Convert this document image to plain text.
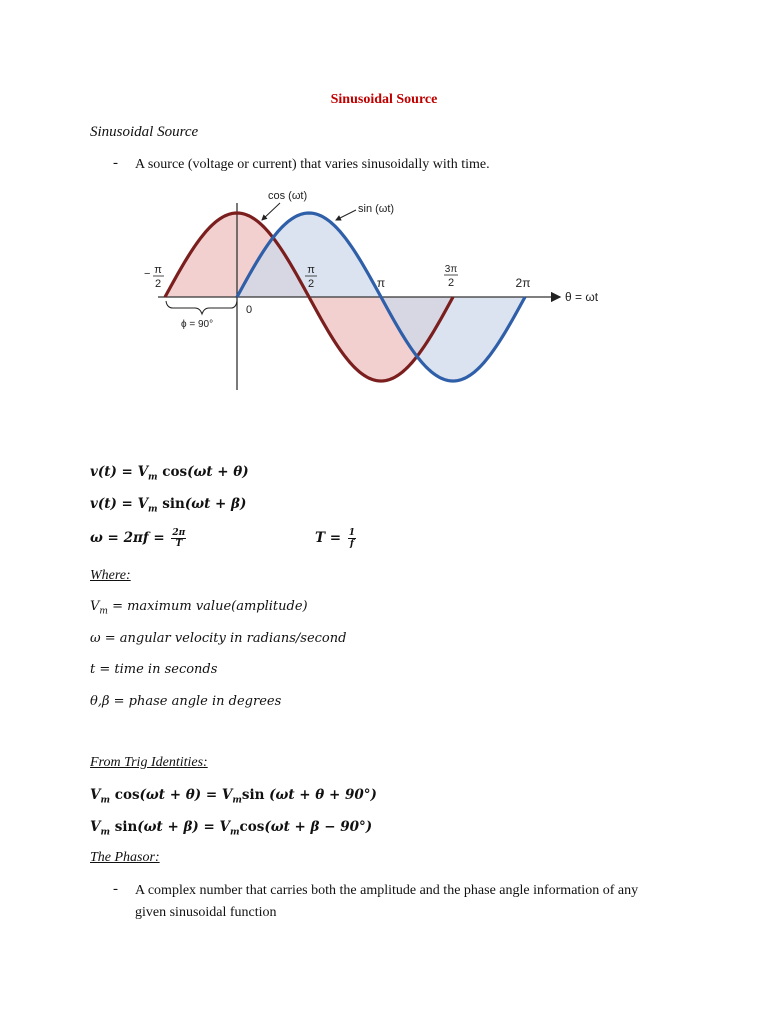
Sinusoidal Source
Sinusoidal Source
- A source (voltage or current) that varies sinusoidally with time.
cos (ωt)
sin (ωt)
− π
2
π
2	π
3π
2	2π
θ = ωt
0
ϕ = 90°
$v(t) = V_m$ cos(ωt + θ)
$v(t) = V_m$ sin(ωt + β)
$\omega = 2\pi f = \frac{2\pi}{T}$	$T = \frac{1}{f}$
Where:
$V_m$ = maximum value(amplitude)
ω = angular velocity in radians/second
t = time in seconds
θ,β = phase angle in degrees
From Trig Identities:
$V_m$ $\cos(\omega t + \theta) = V_m\sin$ (ωt + θ + 90°)
$V_m$ $\sin(\omega t + \beta) = V_m\cos(\omega t + \beta - 90^\circ)$
The Phasor:
- A complex number that carries both the amplitude and the phase angle information of any
given sinusoidal function
